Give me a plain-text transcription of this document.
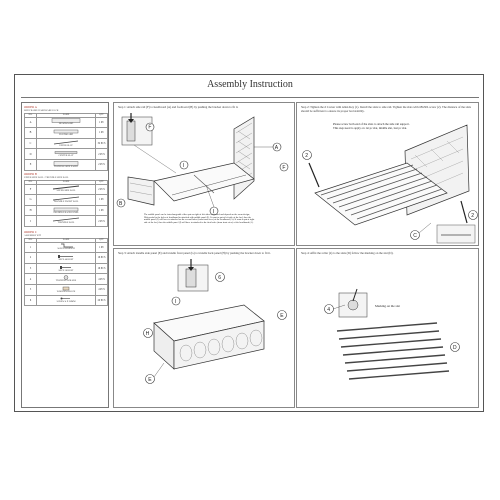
Assembly Instruction
ORDER A
BED FRAME HARDWARE PACK
NO.	NAME	QTY
A	HEADBOARD	1 PC
B	FOOTBOARD	1 PC
C	UPPER SLAT	32 PCS
D	CENTER SLAT	2 PCS
E	TRUNDLE SIDE PANEL	2 PCS
ORDER B
UPPER SIDE RAIL / TRUNDLE SIDE RAIL
NO.	NAME	QTY
F	UPPER SIDE RAIL	2 PCS
G	TRUNDLE FRONT RAIL	1 PC
H	TRUNDLE BACK PANEL	1 PC
I	TRUNDLE RAIL	2 PCS
ORDER C
ASSEMBLY KIT
NO.	NAME	QTY
1	ALLEN WRENCH	1 PC
2	M6 X 40 BOLT	16 PCS
3	M6 X 20 BOLT	16 PCS
4	TRUNDLE ROLLER	4 PCS
5	WOODEN BLOCK	4 PCS
6	SCREW 4 X 30MM	20 PCS
Step 1: Attach side rail (F) to headboard (A) and footboard (B) by pushing the bracket down to fit it.
F
A
B
F
I
I
The middle panel can be interchangeable either put on right of left sides of the bed and depend on the room design; Differential to the holes of headboard to attached with middle panel (I). If want to put at left side of the bed, then the middle panel (I) will have to attached on the second holes (from front view) of the headboard (A). If want to put at right side of the bed, then the middle panel (I) will have to attached to the first holes (from front view) of the headboard (A).
Step 2: Tighten the # Corner with Allen Key (1). Install the slats to side rail. Tighten the slats with #8x30L screw (2). The distance of the slats should be sufficient to ensure its proper bed stability.
Please screw both end of the slats to attach the side rail support. This step need to apply on 1st pc slat, middle slat, last pc slat.
2
2
C
Step 3: Attach trundle side panel (E) and trundle front panel (G) to trundle back panel (H) by pushing the bracket down to fit it.
6
I
H
E
E
Step 4: Affix the roller (4) to the slats (D) follow the marking on the slat (D).
Marking on the slat
4
D
